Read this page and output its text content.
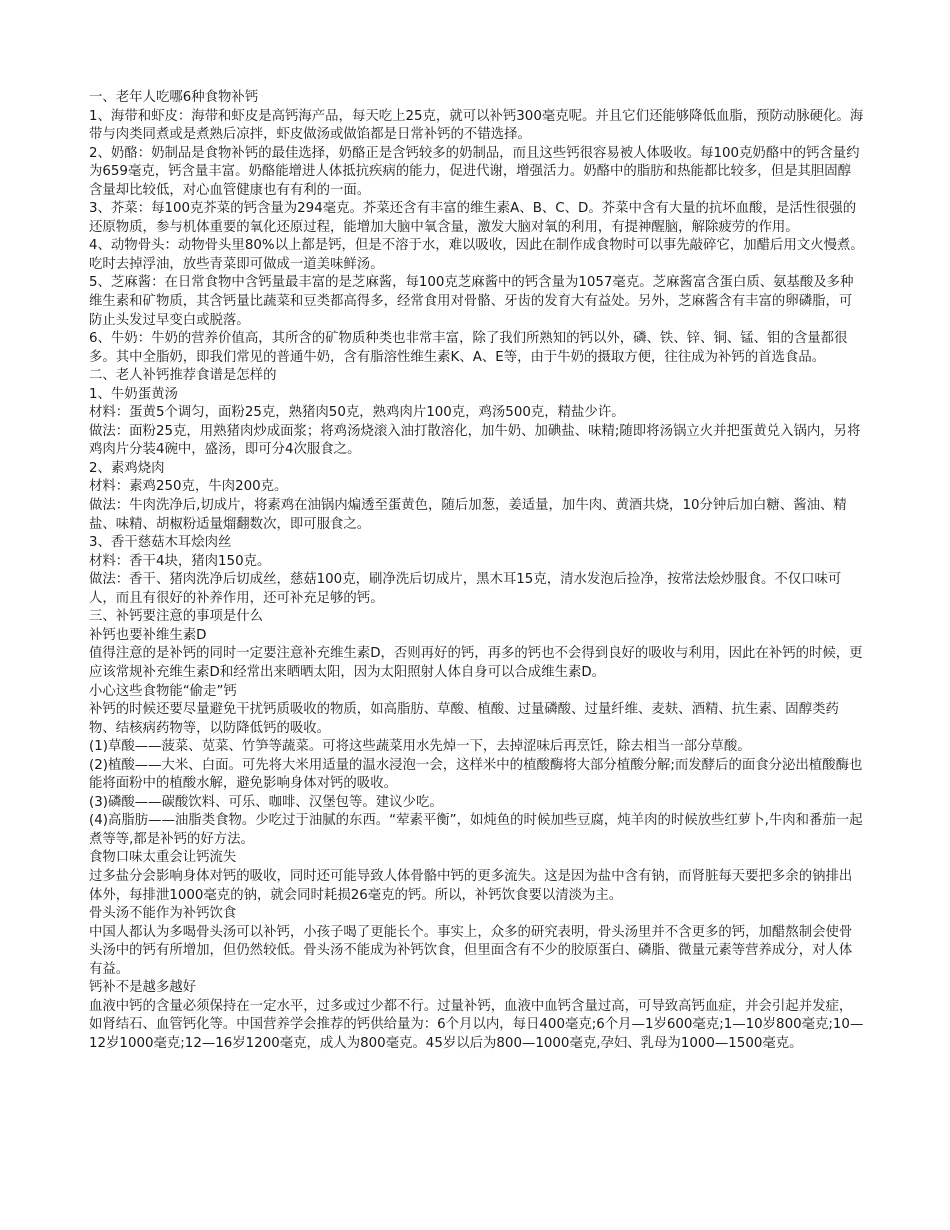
一、老年人吃哪6种食物补钙

1、海带和虾皮：海带和虾皮是高钙海产品，每天吃上25克，就可以补钙300毫克呢。并且它们还能够降低血脂，预防动脉硬化。海带与肉类同煮或是煮熟后凉拌，虾皮做汤或做馅都是日常补钙的不错选择。

2、奶酪：奶制品是食物补钙的最佳选择，奶酪正是含钙较多的奶制品，而且这些钙很容易被人体吸收。每100克奶酪中的钙含量约为659毫克，钙含量丰富。奶酪能增进人体抵抗疾病的能力，促进代谢，增强活力。奶酪中的脂肪和热能都比较多，但是其胆固醇含量却比较低，对心血管健康也有有利的一面。

3、芥菜：每100克芥菜的钙含量为294毫克。芥菜还含有丰富的维生素A、B、C、D。芥菜中含有大量的抗坏血酸，是活性很强的还原物质，参与机体重要的氧化还原过程，能增加大脑中氧含量，激发大脑对氧的利用，有提神醒脑，解除疲劳的作用。

4、动物骨头：动物骨头里80%以上都是钙，但是不溶于水，难以吸收，因此在制作成食物时可以事先敲碎它，加醋后用文火慢煮。吃时去掉浮油，放些青菜即可做成一道美味鲜汤。

5、芝麻酱：在日常食物中含钙量最丰富的是芝麻酱，每100克芝麻酱中的钙含量为1057毫克。芝麻酱富含蛋白质、氨基酸及多种维生素和矿物质，其含钙量比蔬菜和豆类都高得多，经常食用对骨骼、牙齿的发育大有益处。另外，芝麻酱含有丰富的卵磷脂，可防止头发过早变白或脱落。

6、牛奶：牛奶的营养价值高，其所含的矿物质种类也非常丰富，除了我们所熟知的钙以外，磷、铁、锌、铜、锰、钼的含量都很多。其中全脂奶，即我们常见的普通牛奶，含有脂溶性维生素K、A、E等，由于牛奶的摄取方便，往往成为补钙的首选食品。

二、老人补钙推荐食谱是怎样的

1、牛奶蛋黄汤

材料：蛋黄5个调匀，面粉25克，熟猪肉50克，熟鸡肉片100克，鸡汤500克，精盐少许。

做法：面粉25克，用熟猪肉炒成面浆；将鸡汤烧滚入油打散溶化，加牛奶、加碘盐、味精;随即将汤锅立火并把蛋黄兑入锅内，另将鸡肉片分装4碗中，盛汤，即可分4次服食之。

2、素鸡烧肉

材料：素鸡250克，牛肉200克。

做法：牛肉洗净后,切成片，将素鸡在油锅内煸透至蛋黄色，随后加葱，姜适量，加牛肉、黄酒共烧，10分钟后加白糖、酱油、精盐、味精、胡椒粉适量熘翻数次，即可服食之。

3、香干慈菇木耳烩肉丝

材料：香干4块，猪肉150克。

做法：香干、猪肉洗净后切成丝，慈菇100克，刷净洗后切成片，黑木耳15克，清水发泡后捡净，按常法烩炒服食。不仅口味可人，而且有很好的补养作用，还可补充足够的钙。

三、补钙要注意的事项是什么

补钙也要补维生素D

值得注意的是补钙的同时一定要注意补充维生素D，否则再好的钙，再多的钙也不会得到良好的吸收与利用，因此在补钙的时候，更应该常规补充维生素D和经常出来晒晒太阳，因为太阳照射人体自身可以合成维生素D。

小心这些食物能“偷走”钙

补钙的时候还要尽量避免干扰钙质吸收的物质，如高脂肪、草酸、植酸、过量磷酸、过量纤维、麦麸、酒精、抗生素、固醇类药物、结核病药物等，以防降低钙的吸收。

(1)草酸——菠菜、苋菜、竹笋等蔬菜。可将这些蔬菜用水先焯一下，去掉涩味后再烹饪，除去相当一部分草酸。

(2)植酸——大米、白面。可先将大米用适量的温水浸泡一会，这样米中的植酸酶将大部分植酸分解;而发酵后的面食分泌出植酸酶也能将面粉中的植酸水解，避免影响身体对钙的吸收。

(3)磷酸——碳酸饮料、可乐、咖啡、汉堡包等。建议少吃。

(4)高脂肪——油脂类食物。少吃过于油腻的东西。“荤素平衡”，如炖鱼的时候加些豆腐，炖羊肉的时候放些红萝卜,牛肉和番茄一起煮等等,都是补钙的好方法。

食物口味太重会让钙流失

过多盐分会影响身体对钙的吸收，同时还可能导致人体骨骼中钙的更多流失。这是因为盐中含有钠，而肾脏每天要把多余的钠排出体外，每排泄1000毫克的钠，就会同时耗损26毫克的钙。所以，补钙饮食要以清淡为主。

骨头汤不能作为补钙饮食

中国人都认为多喝骨头汤可以补钙，小孩子喝了更能长个。事实上，众多的研究表明，骨头汤里并不含更多的钙，加醋熬制会使骨头汤中的钙有所增加，但仍然较低。骨头汤不能成为补钙饮食，但里面含有不少的胶原蛋白、磷脂、微量元素等营养成分，对人体有益。

钙补不是越多越好

血液中钙的含量必须保持在一定水平，过多或过少都不行。过量补钙，血液中血钙含量过高，可导致高钙血症，并会引起并发症，如肾结石、血管钙化等。中国营养学会推荐的钙供给量为：6个月以内，每日400毫克;6个月—1岁600毫克;1—10岁800毫克;10—12岁1000毫克;12—16岁1200毫克，成人为800毫克。45岁以后为800—1000毫克,孕妇、乳母为1000—1500毫克。
